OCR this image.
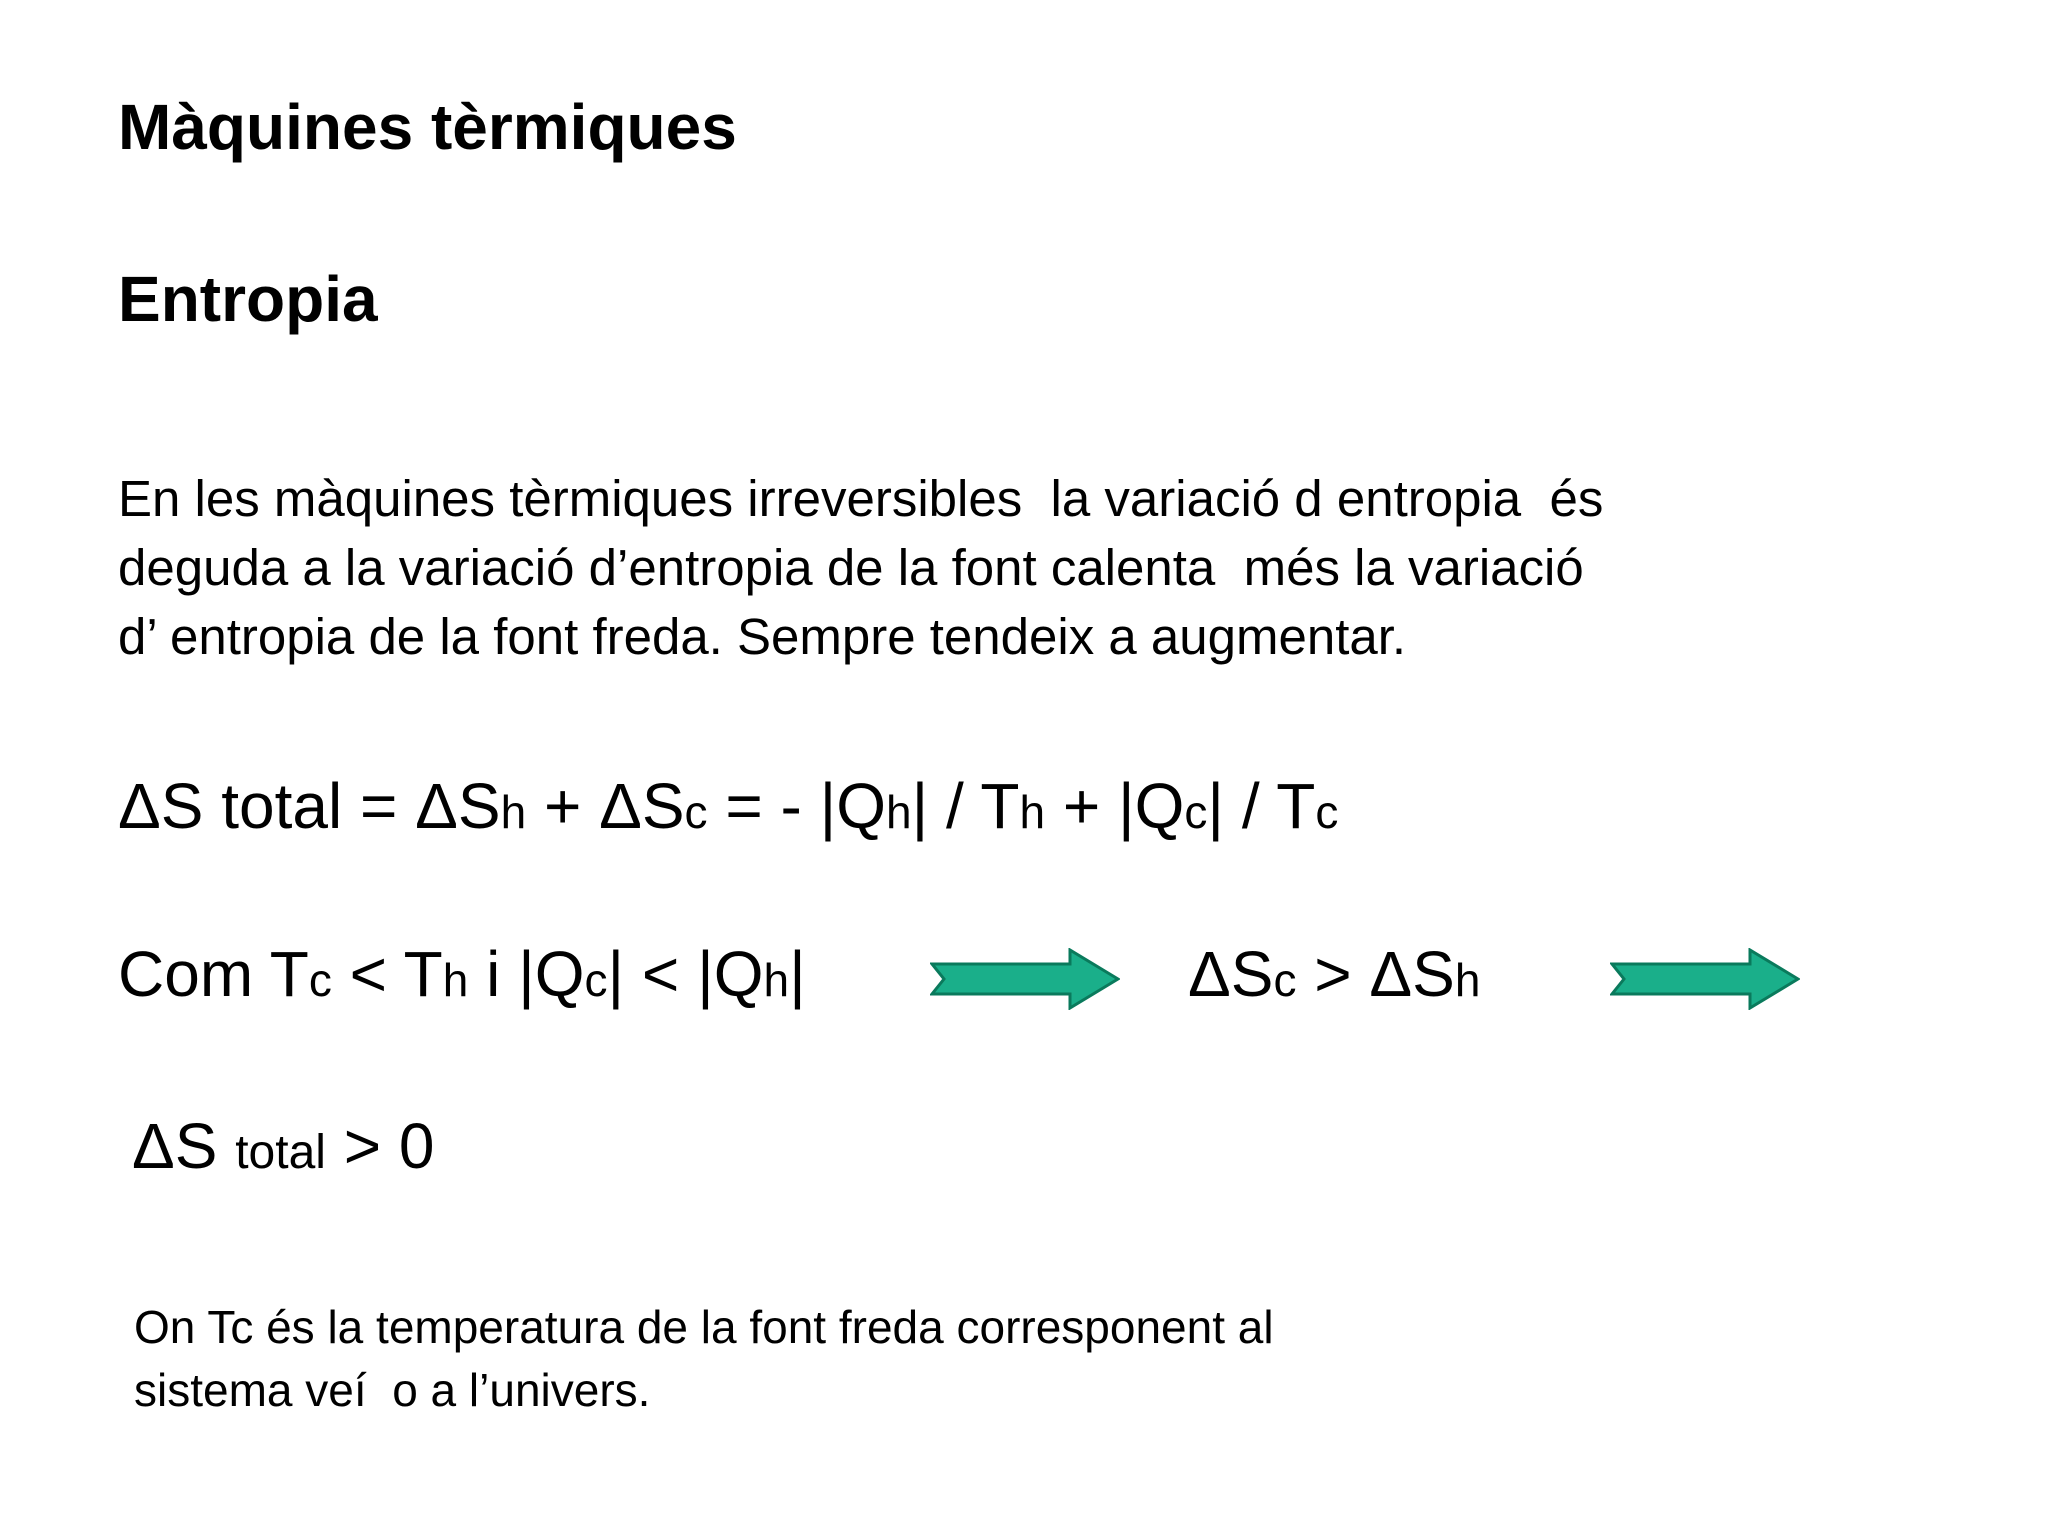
Màquines tèrmiques
Entropia
En les màquines tèrmiques irreversibles  la variació d entropia  és
deguda a la variació d’entropia de la font calenta  més la variació
d’ entropia de la font freda. Sempre tendeix a augmentar.
ΔS total = ΔSh + ΔSc = - |Qh| / Th + |Qc| / Tc
Com Tc < Th i |Qc| < |Qh|	ΔSc > ΔSh
ΔS total > 0
On Tc és la temperatura de la font freda corresponent al
sistema veí  o a l’univers.
